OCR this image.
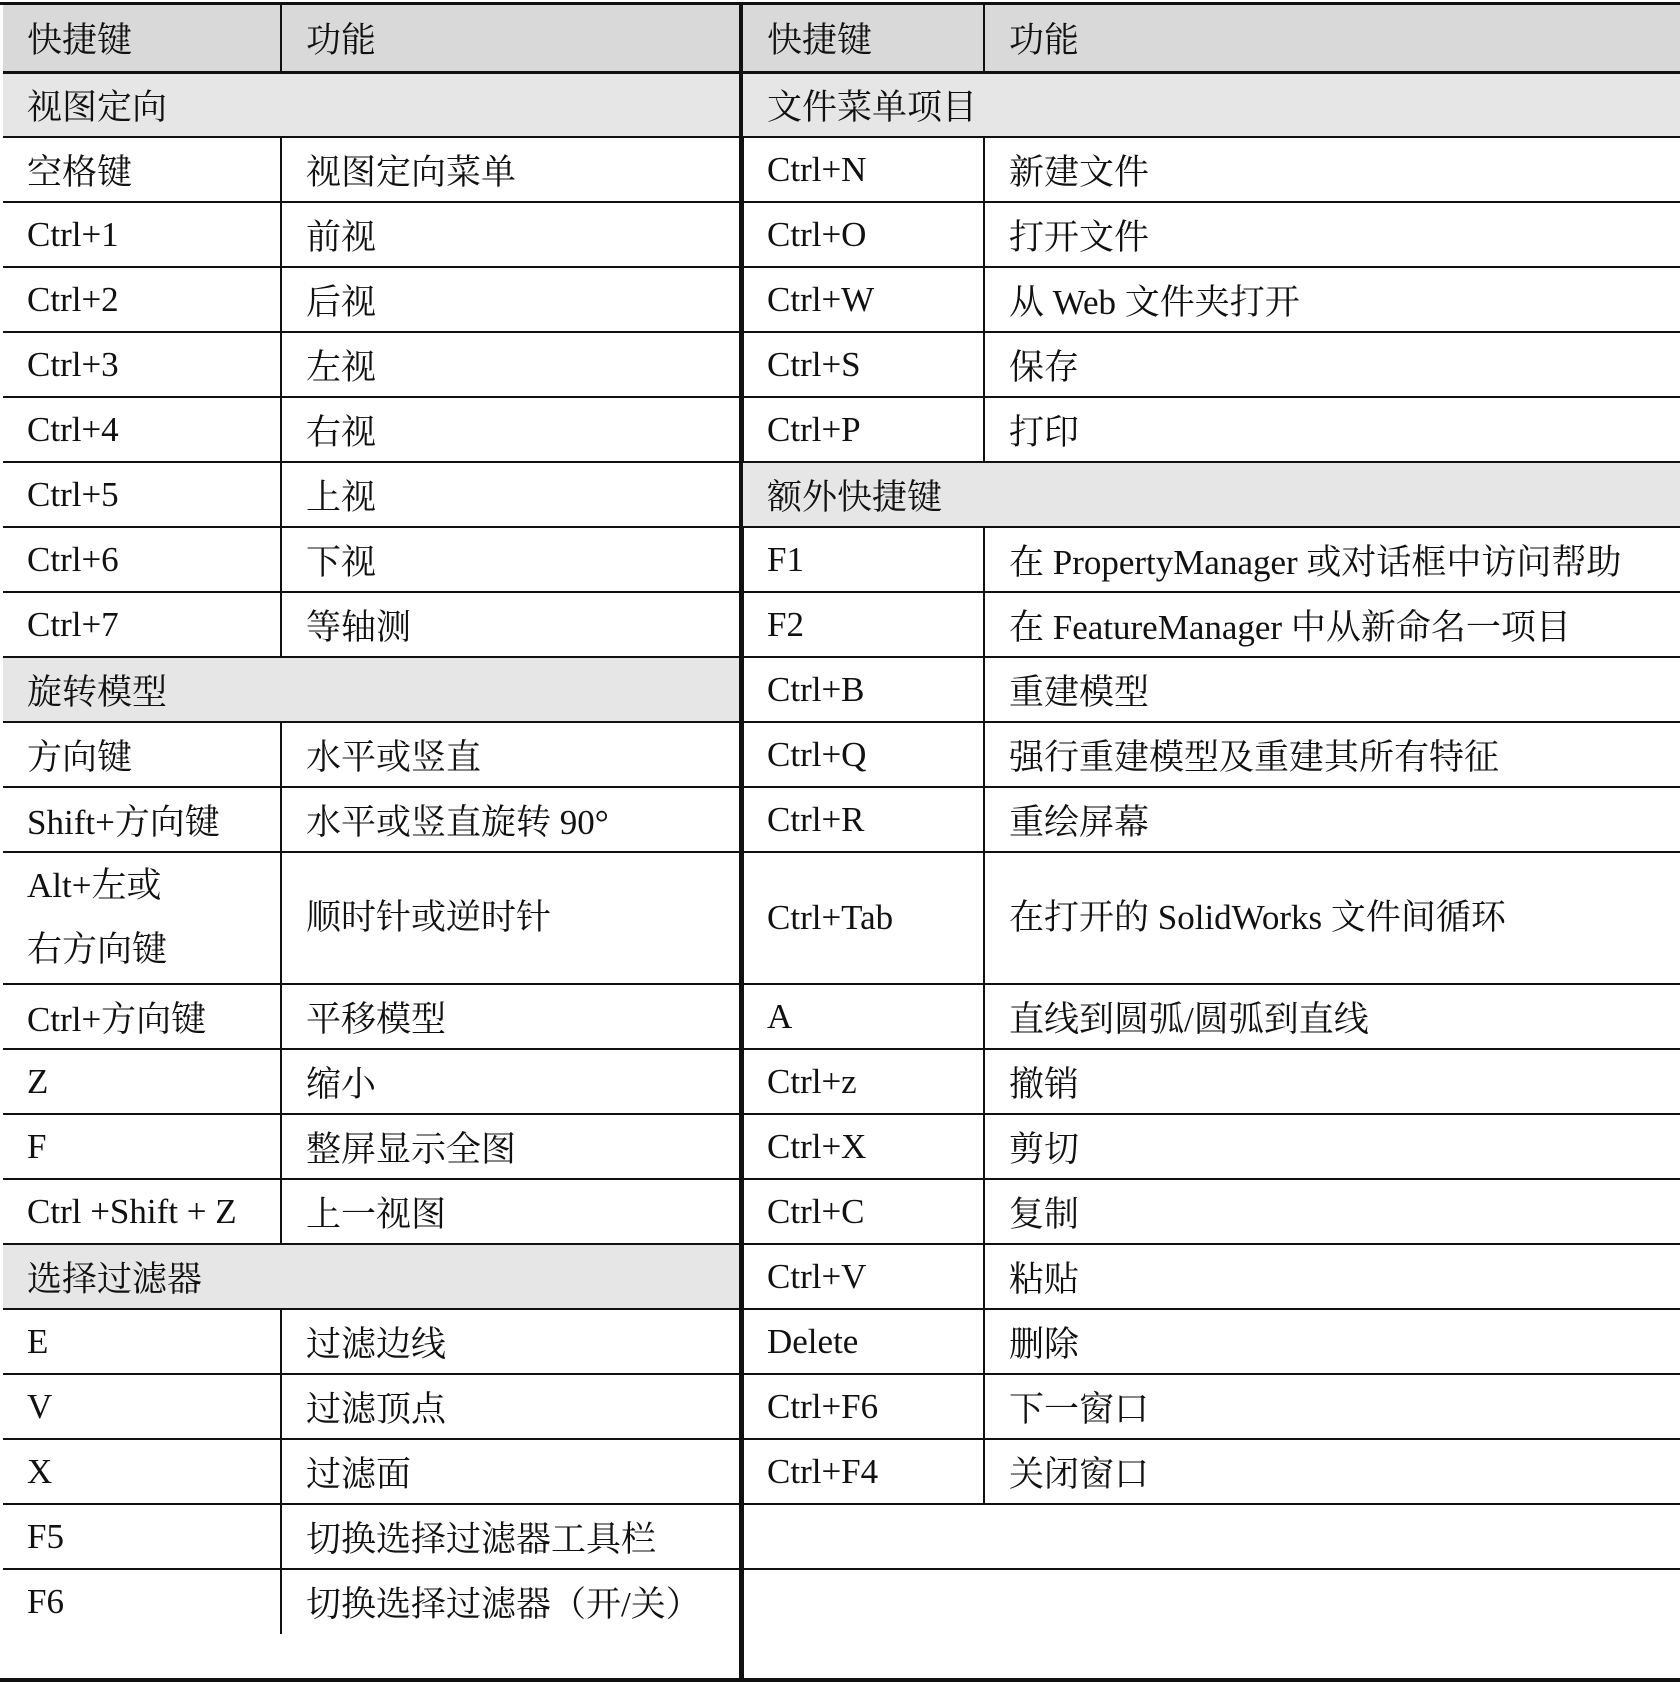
快捷键	功能
视图定向	
空格键	视图定向菜单
Ctrl+1	前视
Ctrl+2	后视
Ctrl+3	左视
Ctrl+4	右视
Ctrl+5	上视
Ctrl+6	下视
Ctrl+7	等轴测
旋转模型	
方向键	水平或竖直
Shift+方向键	水平或竖直旋转 90°
Alt+左或
右方向键	顺时针或逆时针
Ctrl+方向键	平移模型
Z	缩小
F	整屏显示全图
Ctrl +Shift + Z	上一视图
选择过滤器	
E	过滤边线
V	过滤顶点
X	过滤面
F5	切换选择过滤器工具栏
F6	切换选择过滤器（开/关）
快捷键	功能
文件菜单项目	
Ctrl+N	新建文件
Ctrl+O	打开文件
Ctrl+W	从 Web 文件夹打开
Ctrl+S	保存
Ctrl+P	打印
额外快捷键	
F1	在 PropertyManager 或对话框中访问帮助
F2	在 FeatureManager 中从新命名一项目
Ctrl+B	重建模型
Ctrl+Q	强行重建模型及重建其所有特征
Ctrl+R	重绘屏幕
Ctrl+Tab	在打开的 SolidWorks 文件间循环
A	直线到圆弧/圆弧到直线
Ctrl+z	撤销
Ctrl+X	剪切
Ctrl+C	复制
Ctrl+V	粘贴
Delete	删除
Ctrl+F6	下一窗口
Ctrl+F4	关闭窗口
